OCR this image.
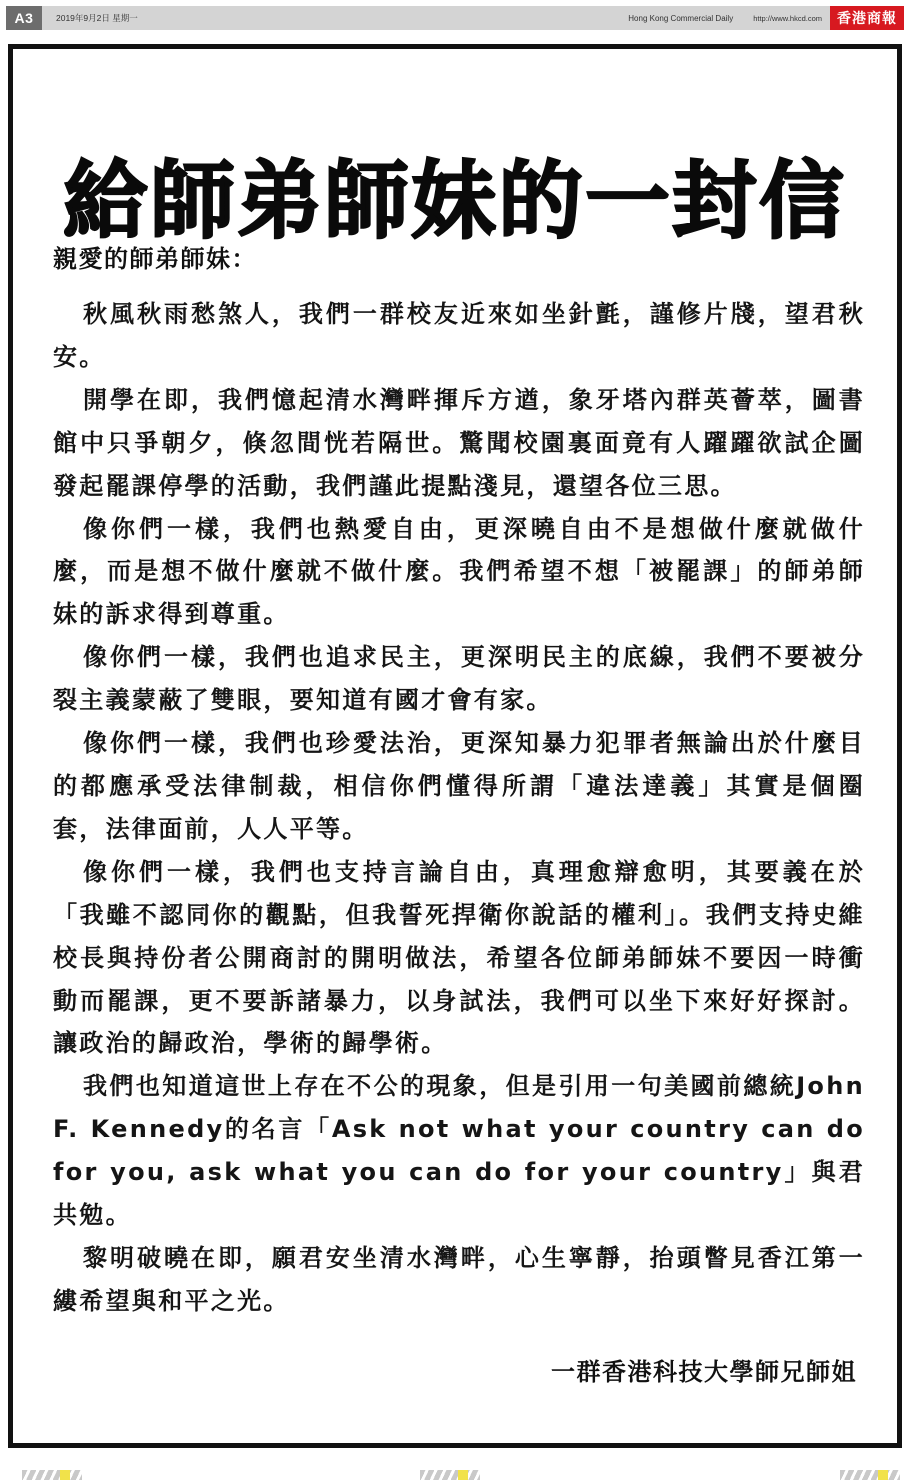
A3	2019年9月2日 星期一	Hong Kong Commercial Daily	http://www.hkcd.com	香港商報
給師弟師妹的一封信
親愛的師弟師妹：

秋風秋雨愁煞人，我們一群校友近來如坐針氈，謹修片牋，望君秋安。

開學在即，我們憶起清水灣畔揮斥方遒，象牙塔內群英薈萃，圖書館中只爭朝夕，倏忽間恍若隔世。驚聞校園裏面竟有人躍躍欲試企圖發起罷課停學的活動，我們謹此提點淺見，還望各位三思。

像你們一樣，我們也熱愛自由，更深曉自由不是想做什麼就做什麼，而是想不做什麼就不做什麼。我們希望不想「被罷課」的師弟師妹的訴求得到尊重。

像你們一樣，我們也追求民主，更深明民主的底線，我們不要被分裂主義蒙蔽了雙眼，要知道有國才會有家。

像你們一樣，我們也珍愛法治，更深知暴力犯罪者無論出於什麼目的都應承受法律制裁，相信你們懂得所謂「違法達義」其實是個圈套，法律面前，人人平等。

像你們一樣，我們也支持言論自由，真理愈辯愈明，其要義在於「我雖不認同你的觀點，但我誓死捍衛你說話的權利」。我們支持史維校長與持份者公開商討的開明做法，希望各位師弟師妹不要因一時衝動而罷課，更不要訴諸暴力，以身試法，我們可以坐下來好好探討。讓政治的歸政治，學術的歸學術。

我們也知道這世上存在不公的現象，但是引用一句美國前總統John F. Kennedy的名言「Ask not what your country can do for you, ask what you can do for your country」與君共勉。

黎明破曉在即，願君安坐清水灣畔，心生寧靜，抬頭瞥見香江第一縷希望與和平之光。

一群香港科技大學師兄師姐
